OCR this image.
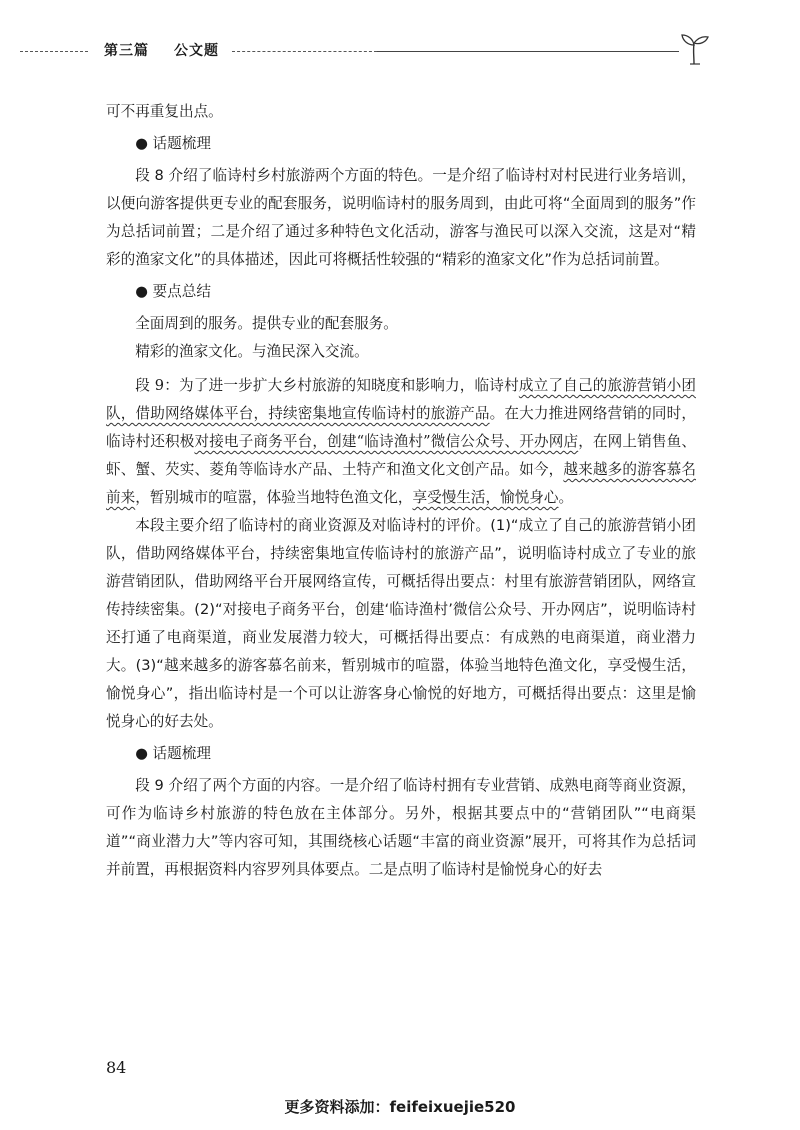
第三篇 公文题

可不再重复出点。

● 话题梳理

段 8 介绍了临诗村乡村旅游两个方面的特色。一是介绍了临诗村对村民进行业务培训，以便向游客提供更专业的配套服务，说明临诗村的服务周到，由此可将“全面周到的服务”作为总括词前置；二是介绍了通过多种特色文化活动，游客与渔民可以深入交流，这是对“精彩的渔家文化”的具体描述，因此可将概括性较强的“精彩的渔家文化”作为总括词前置。

● 要点总结

全面周到的服务。提供专业的配套服务。

精彩的渔家文化。与渔民深入交流。

段 9：为了进一步扩大乡村旅游的知晓度和影响力，临诗村成立了自己的旅游营销小团队，借助网络媒体平台，持续密集地宣传临诗村的旅游产品。在大力推进网络营销的同时，临诗村还积极对接电子商务平台，创建“临诗渔村”微信公众号、开办网店，在网上销售鱼、虾、蟹、芡实、菱角等临诗水产品、土特产和渔文化文创产品。如今，越来越多的游客慕名前来，暂别城市的喧嚣，体验当地特色渔文化，享受慢生活，愉悦身心。

本段主要介绍了临诗村的商业资源及对临诗村的评价。(1)“成立了自己的旅游营销小团队，借助网络媒体平台，持续密集地宣传临诗村的旅游产品”，说明临诗村成立了专业的旅游营销团队，借助网络平台开展网络宣传，可概括得出要点：村里有旅游营销团队，网络宣传持续密集。(2)“对接电子商务平台，创建‘临诗渔村’微信公众号、开办网店”，说明临诗村还打通了电商渠道，商业发展潜力较大，可概括得出要点：有成熟的电商渠道，商业潜力大。(3)“越来越多的游客慕名前来，暂别城市的喧嚣，体验当地特色渔文化，享受慢生活，愉悦身心”，指出临诗村是一个可以让游客身心愉悦的好地方，可概括得出要点：这里是愉悦身心的好去处。

● 话题梳理

段 9 介绍了两个方面的内容。一是介绍了临诗村拥有专业营销、成熟电商等商业资源，可作为临诗乡村旅游的特色放在主体部分。另外，根据其要点中的“营销团队”“电商渠道”“商业潜力大”等内容可知，其围绕核心话题“丰富的商业资源”展开，可将其作为总括词并前置，再根据资料内容罗列具体要点。二是点明了临诗村是愉悦身心的好去

84
更多资料添加：feifeixuejie520
